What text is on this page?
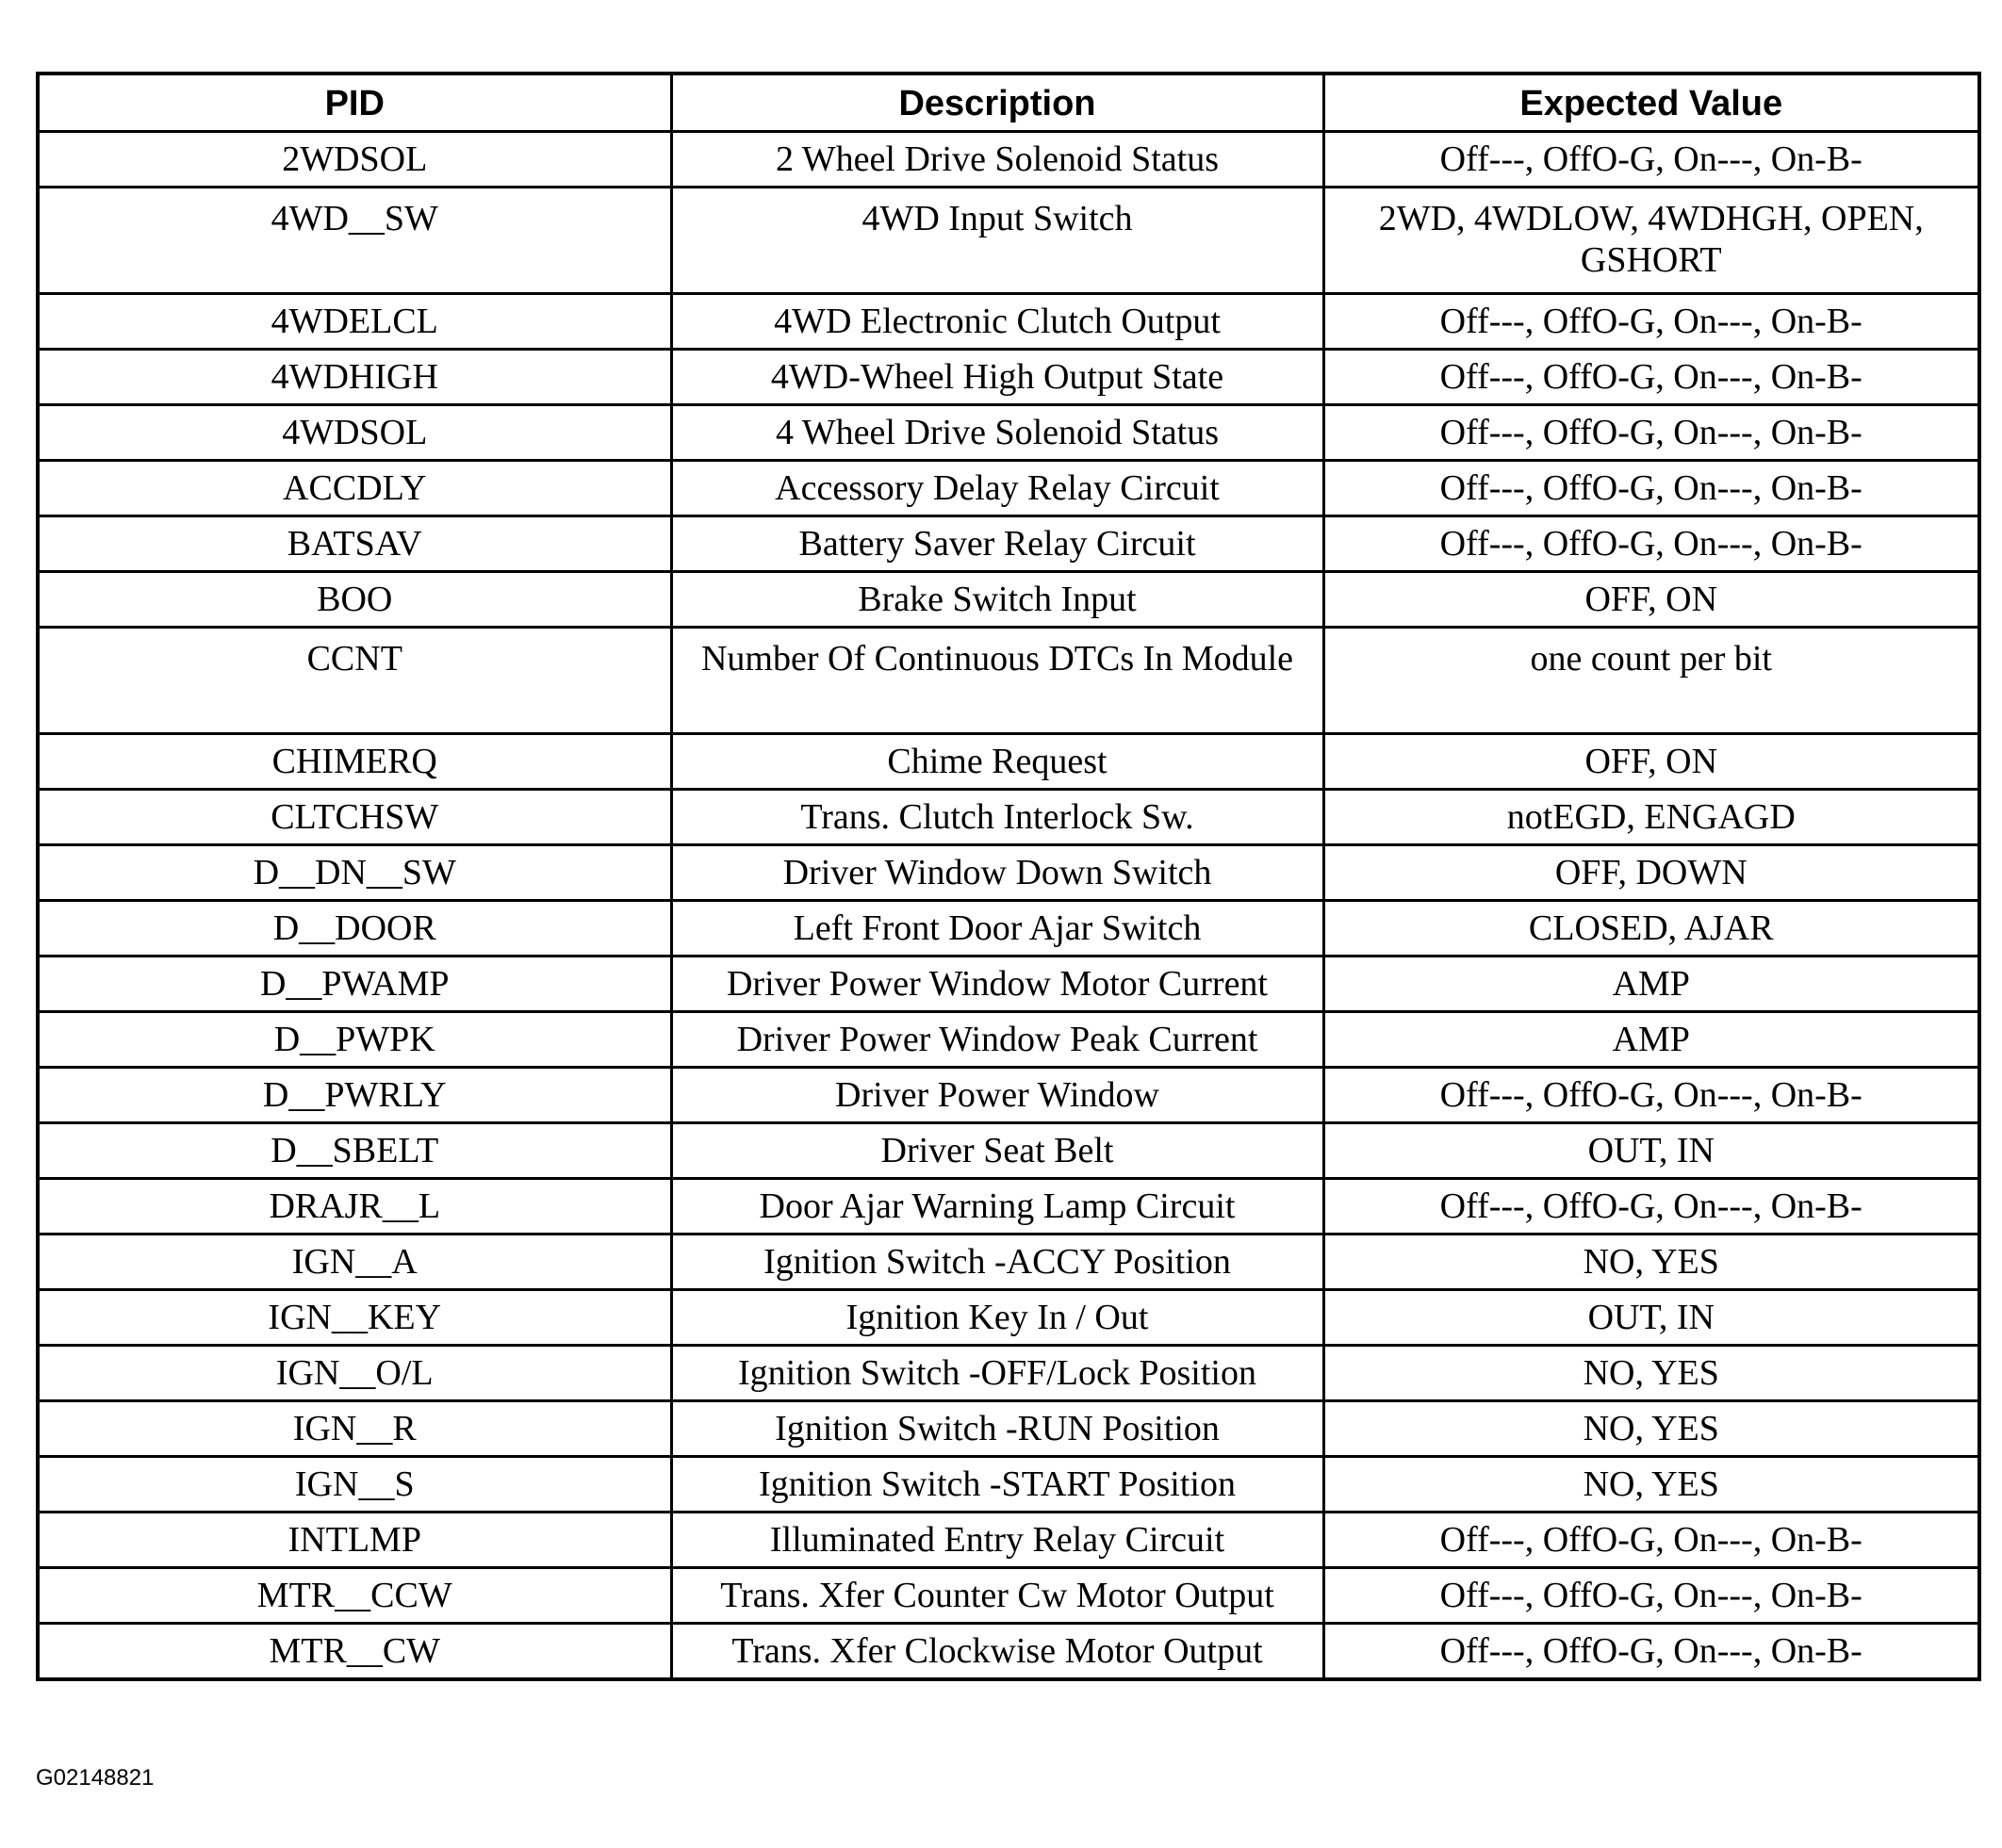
PID	Description	Expected Value
2WDSOL	2 Wheel Drive Solenoid Status	Off---, OffO-G, On---, On-B-
4WD__SW	4WD Input Switch	2WD, 4WDLOW, 4WDHGH, OPEN, GSHORT
4WDELCL	4WD Electronic Clutch Output	Off---, OffO-G, On---, On-B-
4WDHIGH	4WD-Wheel High Output State	Off---, OffO-G, On---, On-B-
4WDSOL	4 Wheel Drive Solenoid Status	Off---, OffO-G, On---, On-B-
ACCDLY	Accessory Delay Relay Circuit	Off---, OffO-G, On---, On-B-
BATSAV	Battery Saver Relay Circuit	Off---, OffO-G, On---, On-B-
BOO	Brake Switch Input	OFF, ON
CCNT	Number Of Continuous DTCs In Module	one count per bit
CHIMERQ	Chime Request	OFF, ON
CLTCHSW	Trans. Clutch Interlock Sw.	notEGD, ENGAGD
D__DN__SW	Driver Window Down Switch	OFF, DOWN
D__DOOR	Left Front Door Ajar Switch	CLOSED, AJAR
D__PWAMP	Driver Power Window Motor Current	AMP
D__PWPK	Driver Power Window Peak Current	AMP
D__PWRLY	Driver Power Window	Off---, OffO-G, On---, On-B-
D__SBELT	Driver Seat Belt	OUT, IN
DRAJR__L	Door Ajar Warning Lamp Circuit	Off---, OffO-G, On---, On-B-
IGN__A	Ignition Switch -ACCY Position	NO, YES
IGN__KEY	Ignition Key In / Out	OUT, IN
IGN__O/L	Ignition Switch -OFF/Lock Position	NO, YES
IGN__R	Ignition Switch -RUN Position	NO, YES
IGN__S	Ignition Switch -START Position	NO, YES
INTLMP	Illuminated Entry Relay Circuit	Off---, OffO-G, On---, On-B-
MTR__CCW	Trans. Xfer Counter Cw Motor Output	Off---, OffO-G, On---, On-B-
MTR__CW	Trans. Xfer Clockwise Motor Output	Off---, OffO-G, On---, On-B-
G02148821
